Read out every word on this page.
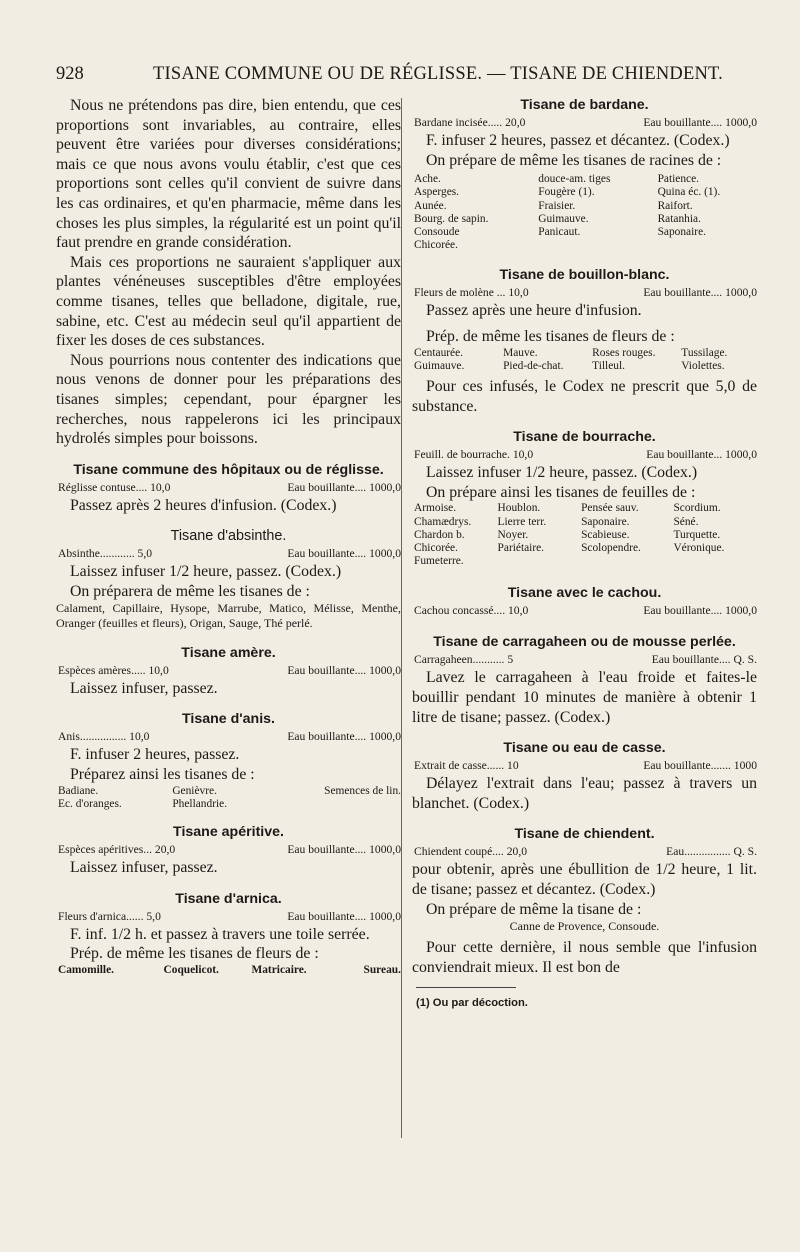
928	TISANE COMMUNE OU DE RÉGLISSE. — TISANE DE CHIENDENT.

Nous ne prétendons pas dire, bien entendu, que ces proportions sont invariables, au contraire, elles peuvent être variées pour diverses considérations; mais ce que nous avons voulu établir, c'est que ces proportions sont celles qu'il convient de suivre dans les cas ordinaires, et qu'en pharmacie, même dans les choses les plus simples, la régularité est un point qu'il faut prendre en grande considération.

Mais ces proportions ne sauraient s'appliquer aux plantes vénéneuses susceptibles d'être employées comme tisanes, telles que belladone, digitale, rue, sabine, etc. C'est au médecin seul qu'il appartient de fixer les doses de ces substances.

Nous pourrions nous contenter des indications que nous venons de donner pour les préparations des tisanes simples; cependant, pour épargner les recherches, nous rappelerons ici les principaux hydrolés simples pour boissons.

Tisane commune des hôpitaux ou de réglisse.
Réglisse contuse.... 10,0	Eau bouillante.... 1000,0

Passez après 2 heures d'infusion. (Codex.)

Tisane d'absinthe.
Absinthe............ 5,0	Eau bouillante.... 1000,0

Laissez infuser 1/2 heure, passez. (Codex.)

On préparera de même les tisanes de :

Calament, Capillaire, Hysope, Marrube, Matico, Mélisse, Menthe, Oranger (feuilles et fleurs), Origan, Sauge, Thé perlé.
Tisane amère.
Espèces amères..... 10,0	Eau bouillante.... 1000,0

Laissez infuser, passez.

Tisane d'anis.
Anis................ 10,0	Eau bouillante.... 1000,0

F. infuser 2 heures, passez.

Préparez ainsi les tisanes de :

Badiane.	Genièvre.	Semences de lin.
Ec. d'oranges.	Phellandrie.
Tisane apéritive.
Espèces apéritives... 20,0	Eau bouillante.... 1000,0

Laissez infuser, passez.

Tisane d'arnica.
Fleurs d'arnica...... 5,0	Eau bouillante.... 1000,0

F. inf. 1/2 h. et passez à travers une toile serrée.

Prép. de même les tisanes de fleurs de :

Camomille.	Coquelicot.	Matricaire.	Sureau.
Tisane de bardane.
Bardane incisée..... 20,0	Eau bouillante.... 1000,0

F. infuser 2 heures, passez et décantez. (Codex.)

On prépare de même les tisanes de racines de :

Ache.	douce-am. tiges	Patience.
Asperges.	Fougère (1).	Quina éc. (1).
Aunée.	Fraisier.	Raifort.
Bourg. de sapin.	Guimauve.	Ratanhia.
Consoude	Panicaut.	Saponaire.
Chicorée.
Tisane de bouillon-blanc.
Fleurs de molène ... 10,0	Eau bouillante.... 1000,0

Passez après une heure d'infusion.

Prép. de même les tisanes de fleurs de :

Centaurée.	Mauve.	Roses rouges.	Tussilage.
Guimauve.	Pied-de-chat.	Tilleul.	Violettes.

Pour ces infusés, le Codex ne prescrit que 5,0 de substance.

Tisane de bourrache.
Feuill. de bourrache. 10,0	Eau bouillante... 1000,0

Laissez infuser 1/2 heure, passez. (Codex.)

On prépare ainsi les tisanes de feuilles de :

Armoise.	Houblon.	Pensée sauv.	Scordium.
Chamædrys.	Lierre terr.	Saponaire.	Séné.
Chardon b.	Noyer.	Scabieuse.	Turquette.
Chicorée.	Pariétaire.	Scolopendre.	Véronique.
Fumeterre.
Tisane avec le cachou.
Cachou concassé.... 10,0	Eau bouillante.... 1000,0
Tisane de carragaheen ou de mousse perlée.
Carragaheen........... 5	Eau bouillante.... Q. S.

Lavez le carragaheen à l'eau froide et faites-le bouillir pendant 10 minutes de manière à obtenir 1 litre de tisane; passez. (Codex.)

Tisane ou eau de casse.
Extrait de casse...... 10	Eau bouillante....... 1000

Délayez l'extrait dans l'eau; passez à travers un blanchet. (Codex.)

Tisane de chiendent.
Chiendent coupé.... 20,0	Eau................ Q. S.

pour obtenir, après une ébullition de 1/2 heure, 1 lit. de tisane; passez et décantez. (Codex.)

On prépare de même la tisane de :

Canne de Provence, Consoude.

Pour cette dernière, il nous semble que l'infusion conviendrait mieux. Il est bon de

(1) Ou par décoction.
